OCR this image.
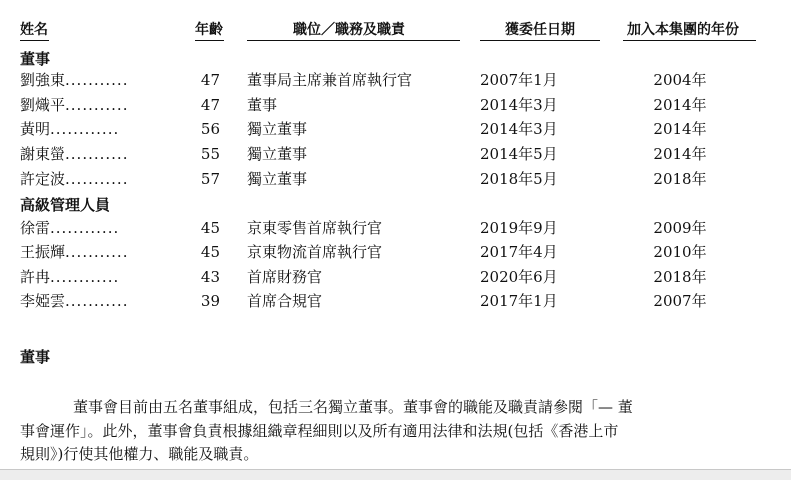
姓名	年齡	職位／職務及職責	獲委任日期	加入本集團的年份
董事
劉強東...........	47 董事局主席兼首席執行官	2007年1月	2004年
劉熾平...........	47 董事	2014年3月	2014年
黃明............	56 獨立董事	2014年3月	2014年
謝東螢...........	55 獨立董事	2014年5月	2014年
許定波...........	57 獨立董事	2018年5月	2018年
高級管理人員
徐雷............	45 京東零售首席執行官	2019年9月	2009年
王振輝...........	45 京東物流首席執行官	2017年4月	2010年
許冉............	43 首席財務官	2020年6月	2018年
李婭雲...........	39 首席合規官	2017年1月	2007年
董事
董事會目前由五名董事組成，包括三名獨立董事。董事會的職能及職責請參閱「— 董
事會運作」。此外，董事會負責根據組織章程細則以及所有適用法律和法規(包括《香港上市
規則》)行使其他權力、職能及職責。
